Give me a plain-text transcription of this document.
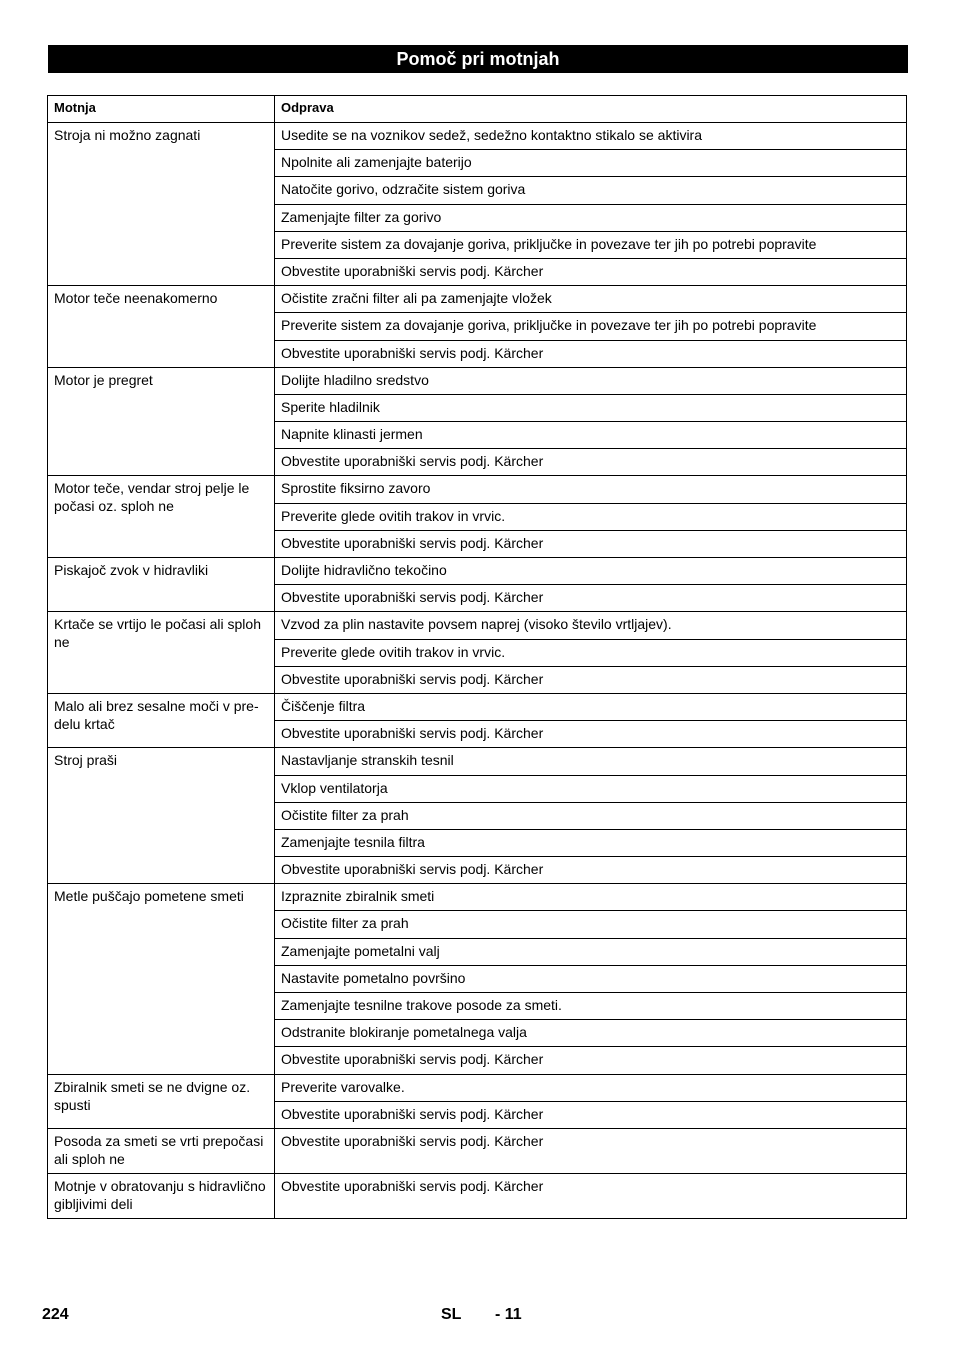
Pomoč pri motnjah
Motnja	Odprava
Stroja ni možno zagnati	Usedite se na voznikov sedež, sedežno kontaktno stikalo se aktivira
	Npolnite ali zamenjajte baterijo
	Natočite gorivo, odzračite sistem goriva
	Zamenjajte filter za gorivo
	Preverite sistem za dovajanje goriva, priključke in povezave ter jih po potrebi popravite
	Obvestite uporabniški servis podj. Kärcher
Motor teče neenakomerno	Očistite zračni filter ali pa zamenjajte vložek
	Preverite sistem za dovajanje goriva, priključke in povezave ter jih po potrebi popravite
	Obvestite uporabniški servis podj. Kärcher
Motor je pregret	Dolijte hladilno sredstvo
	Sperite hladilnik
	Napnite klinasti jermen
	Obvestite uporabniški servis podj. Kärcher
Motor teče, vendar stroj pelje le počasi oz. sploh ne	Sprostite fiksirno zavoro
	Preverite glede ovitih trakov in vrvic.
	Obvestite uporabniški servis podj. Kärcher
Piskajoč zvok v hidravliki	Dolijte hidravlično tekočino
	Obvestite uporabniški servis podj. Kärcher
Krtače se vrtijo le počasi ali sploh ne	Vzvod za plin nastavite povsem naprej (visoko število vrtljajev).
	Preverite glede ovitih trakov in vrvic.
	Obvestite uporabniški servis podj. Kärcher
Malo ali brez sesalne moči v pre-delu krtač	Čiščenje filtra
	Obvestite uporabniški servis podj. Kärcher
Stroj praši	Nastavljanje stranskih tesnil
	Vklop ventilatorja
	Očistite filter za prah
	Zamenjajte tesnila filtra
	Obvestite uporabniški servis podj. Kärcher
Metle puščajo pometene smeti	Izpraznite zbiralnik smeti
	Očistite filter za prah
	Zamenjajte pometalni valj
	Nastavite pometalno površino
	Zamenjajte tesnilne trakove posode za smeti.
	Odstranite blokiranje pometalnega valja
	Obvestite uporabniški servis podj. Kärcher
Zbiralnik smeti se ne dvigne oz. spusti	Preverite varovalke.
	Obvestite uporabniški servis podj. Kärcher
Posoda za smeti se vrti prepočasi ali sploh ne	Obvestite uporabniški servis podj. Kärcher
Motnje v obratovanju s hidravlično gibljivimi deli	Obvestite uporabniški servis podj. Kärcher
224	SL - 11
